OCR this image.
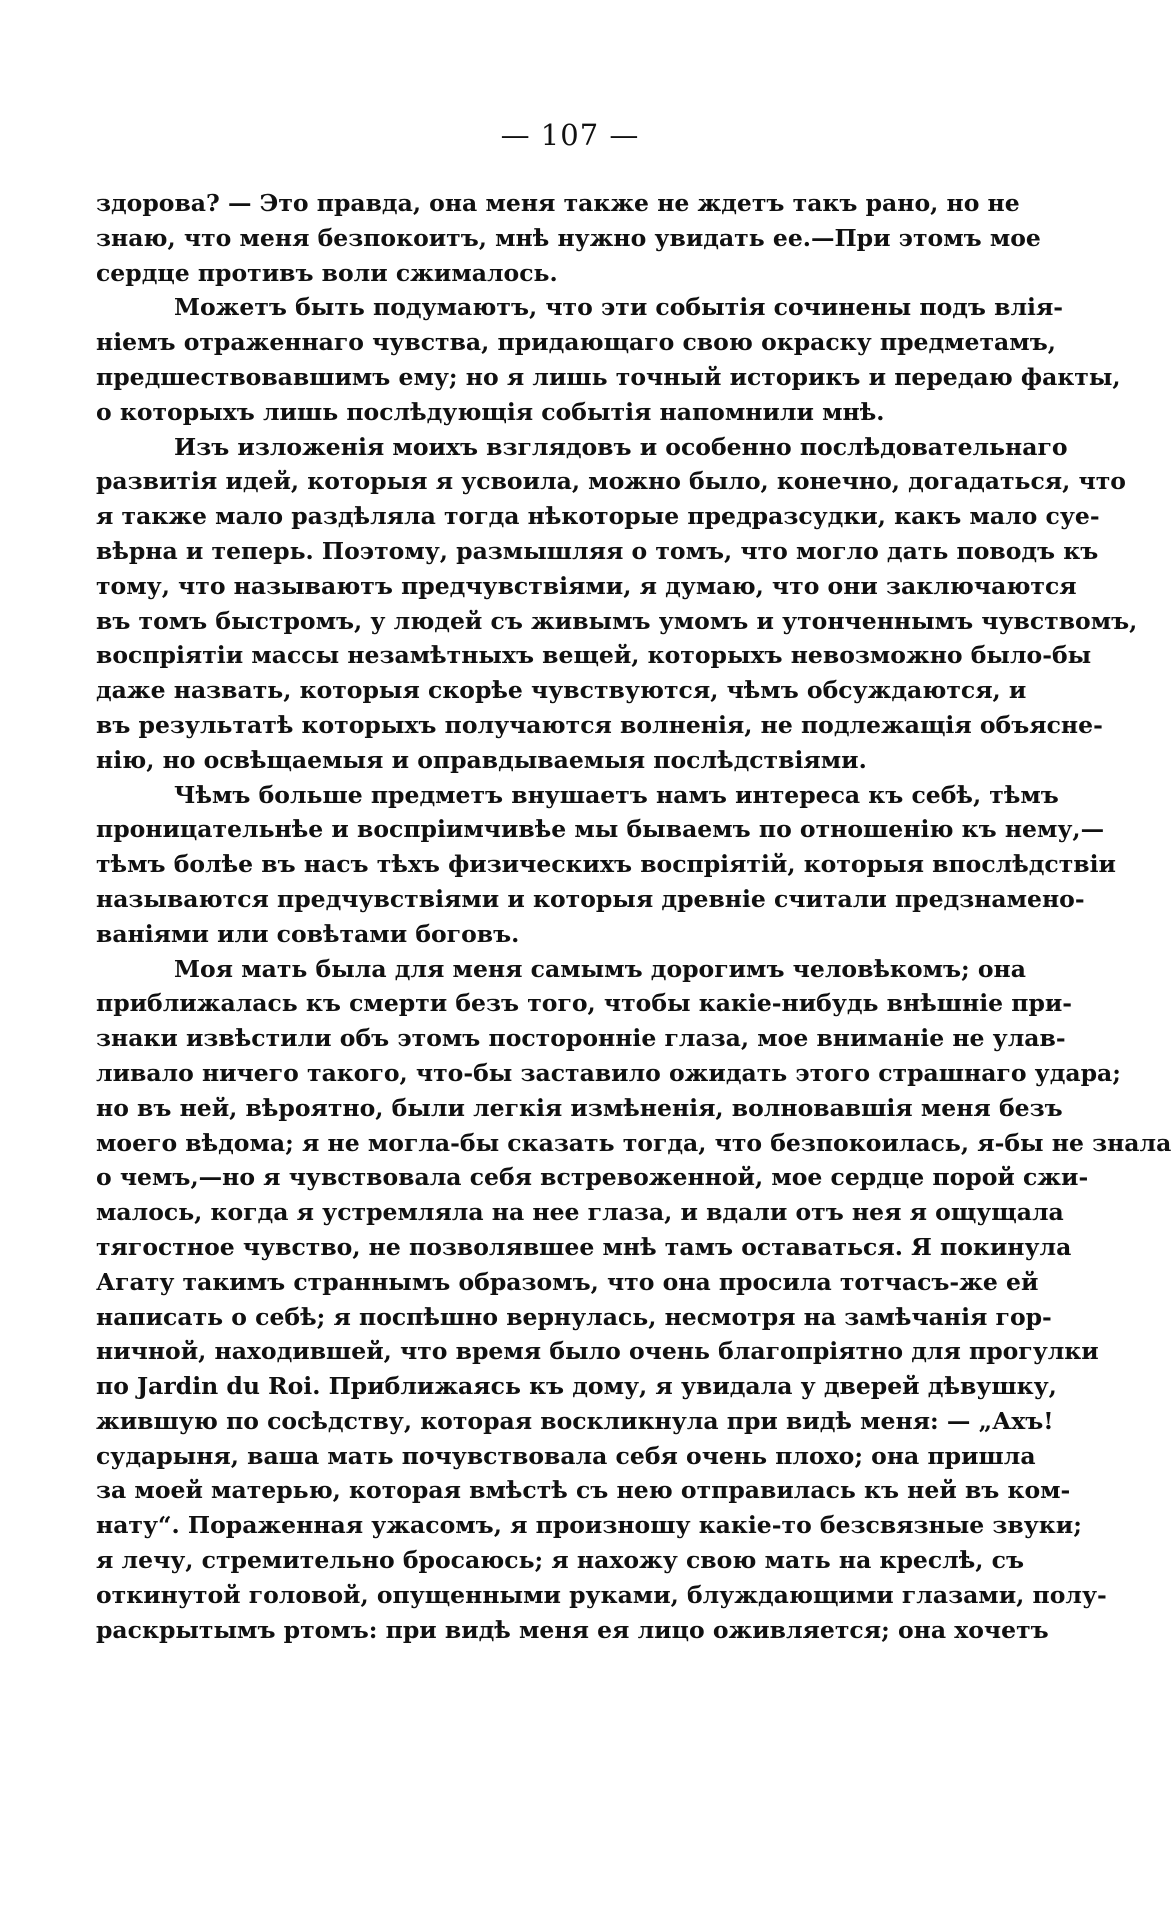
— 107 —
здорова? — Это правда, она меня также не ждетъ такъ рано, но не
знаю, что меня безпокоитъ, мнѣ нужно увидать ее.—При этомъ мое
сердце противъ воли сжималось.
Можетъ быть подумаютъ, что эти событія сочинены подъ влія-
ніемъ отраженнаго чувства, придающаго свою окраску предметамъ,
предшествовавшимъ ему; но я лишь точный историкъ и передаю факты,
о которыхъ лишь послѣдующія событія напомнили мнѣ.
Изъ изложенія моихъ взглядовъ и особенно послѣдовательнаго
развитія идей, которыя я усвоила, можно было, конечно, догадаться, что
я также мало раздѣляла тогда нѣкоторые предразсудки, какъ мало суе-
вѣрна и теперь. Поэтому, размышляя о томъ, что могло дать поводъ къ
тому, что называютъ предчувствіями, я думаю, что они заключаются
въ томъ быстромъ, у людей съ живымъ умомъ и утонченнымъ чувствомъ,
воспріятіи массы незамѣтныхъ вещей, которыхъ невозможно было-бы
даже назвать, которыя скорѣе чувствуются, чѣмъ обсуждаются, и
въ результатѣ которыхъ получаются волненія, не подлежащія объясне-
нію, но освѣщаемыя и оправдываемыя послѣдствіями.
Чѣмъ больше предметъ внушаетъ намъ интереса къ себѣ, тѣмъ
проницательнѣе и воспріимчивѣе мы бываемъ по отношенію къ нему,—
тѣмъ болѣе въ насъ тѣхъ физическихъ воспріятій, которыя впослѣдствіи
называются предчувствіями и которыя древніе считали предзнамено-
ваніями или совѣтами боговъ.
Моя мать была для меня самымъ дорогимъ человѣкомъ; она
приближалась къ смерти безъ того, чтобы какіе-нибудь внѣшніе при-
знаки извѣстили объ этомъ посторонніе глаза, мое вниманіе не улав-
ливало ничего такого, что-бы заставило ожидать этого страшнаго удара;
но въ ней, вѣроятно, были легкія измѣненія, волновавшія меня безъ
моего вѣдома; я не могла-бы сказать тогда, что безпокоилась, я-бы не знала
о чемъ,—но я чувствовала себя встревоженной, мое сердце порой сжи-
малось, когда я устремляла на нее глаза, и вдали отъ нея я ощущала
тягостное чувство, не позволявшее мнѣ тамъ оставаться. Я покинула
Агату такимъ страннымъ образомъ, что она просила тотчасъ-же ей
написать о себѣ; я поспѣшно вернулась, несмотря на замѣчанія гор-
ничной, находившей, что время было очень благопріятно для прогулки
по Jardin du Roi. Приближаясь къ дому, я увидала у дверей дѣвушку,
жившую по сосѣдству, которая воскликнула при видѣ меня: — „Ахъ!
сударыня, ваша мать почувствовала себя очень плохо; она пришла
за моей матерью, которая вмѣстѣ съ нею отправилась къ ней въ ком-
нату“. Пораженная ужасомъ, я произношу какіе-то безсвязные звуки;
я лечу, стремительно бросаюсь; я нахожу свою мать на креслѣ, съ
откинутой головой, опущенными руками, блуждающими глазами, полу-
раскрытымъ ртомъ: при видѣ меня ея лицо оживляется; она хочетъ
